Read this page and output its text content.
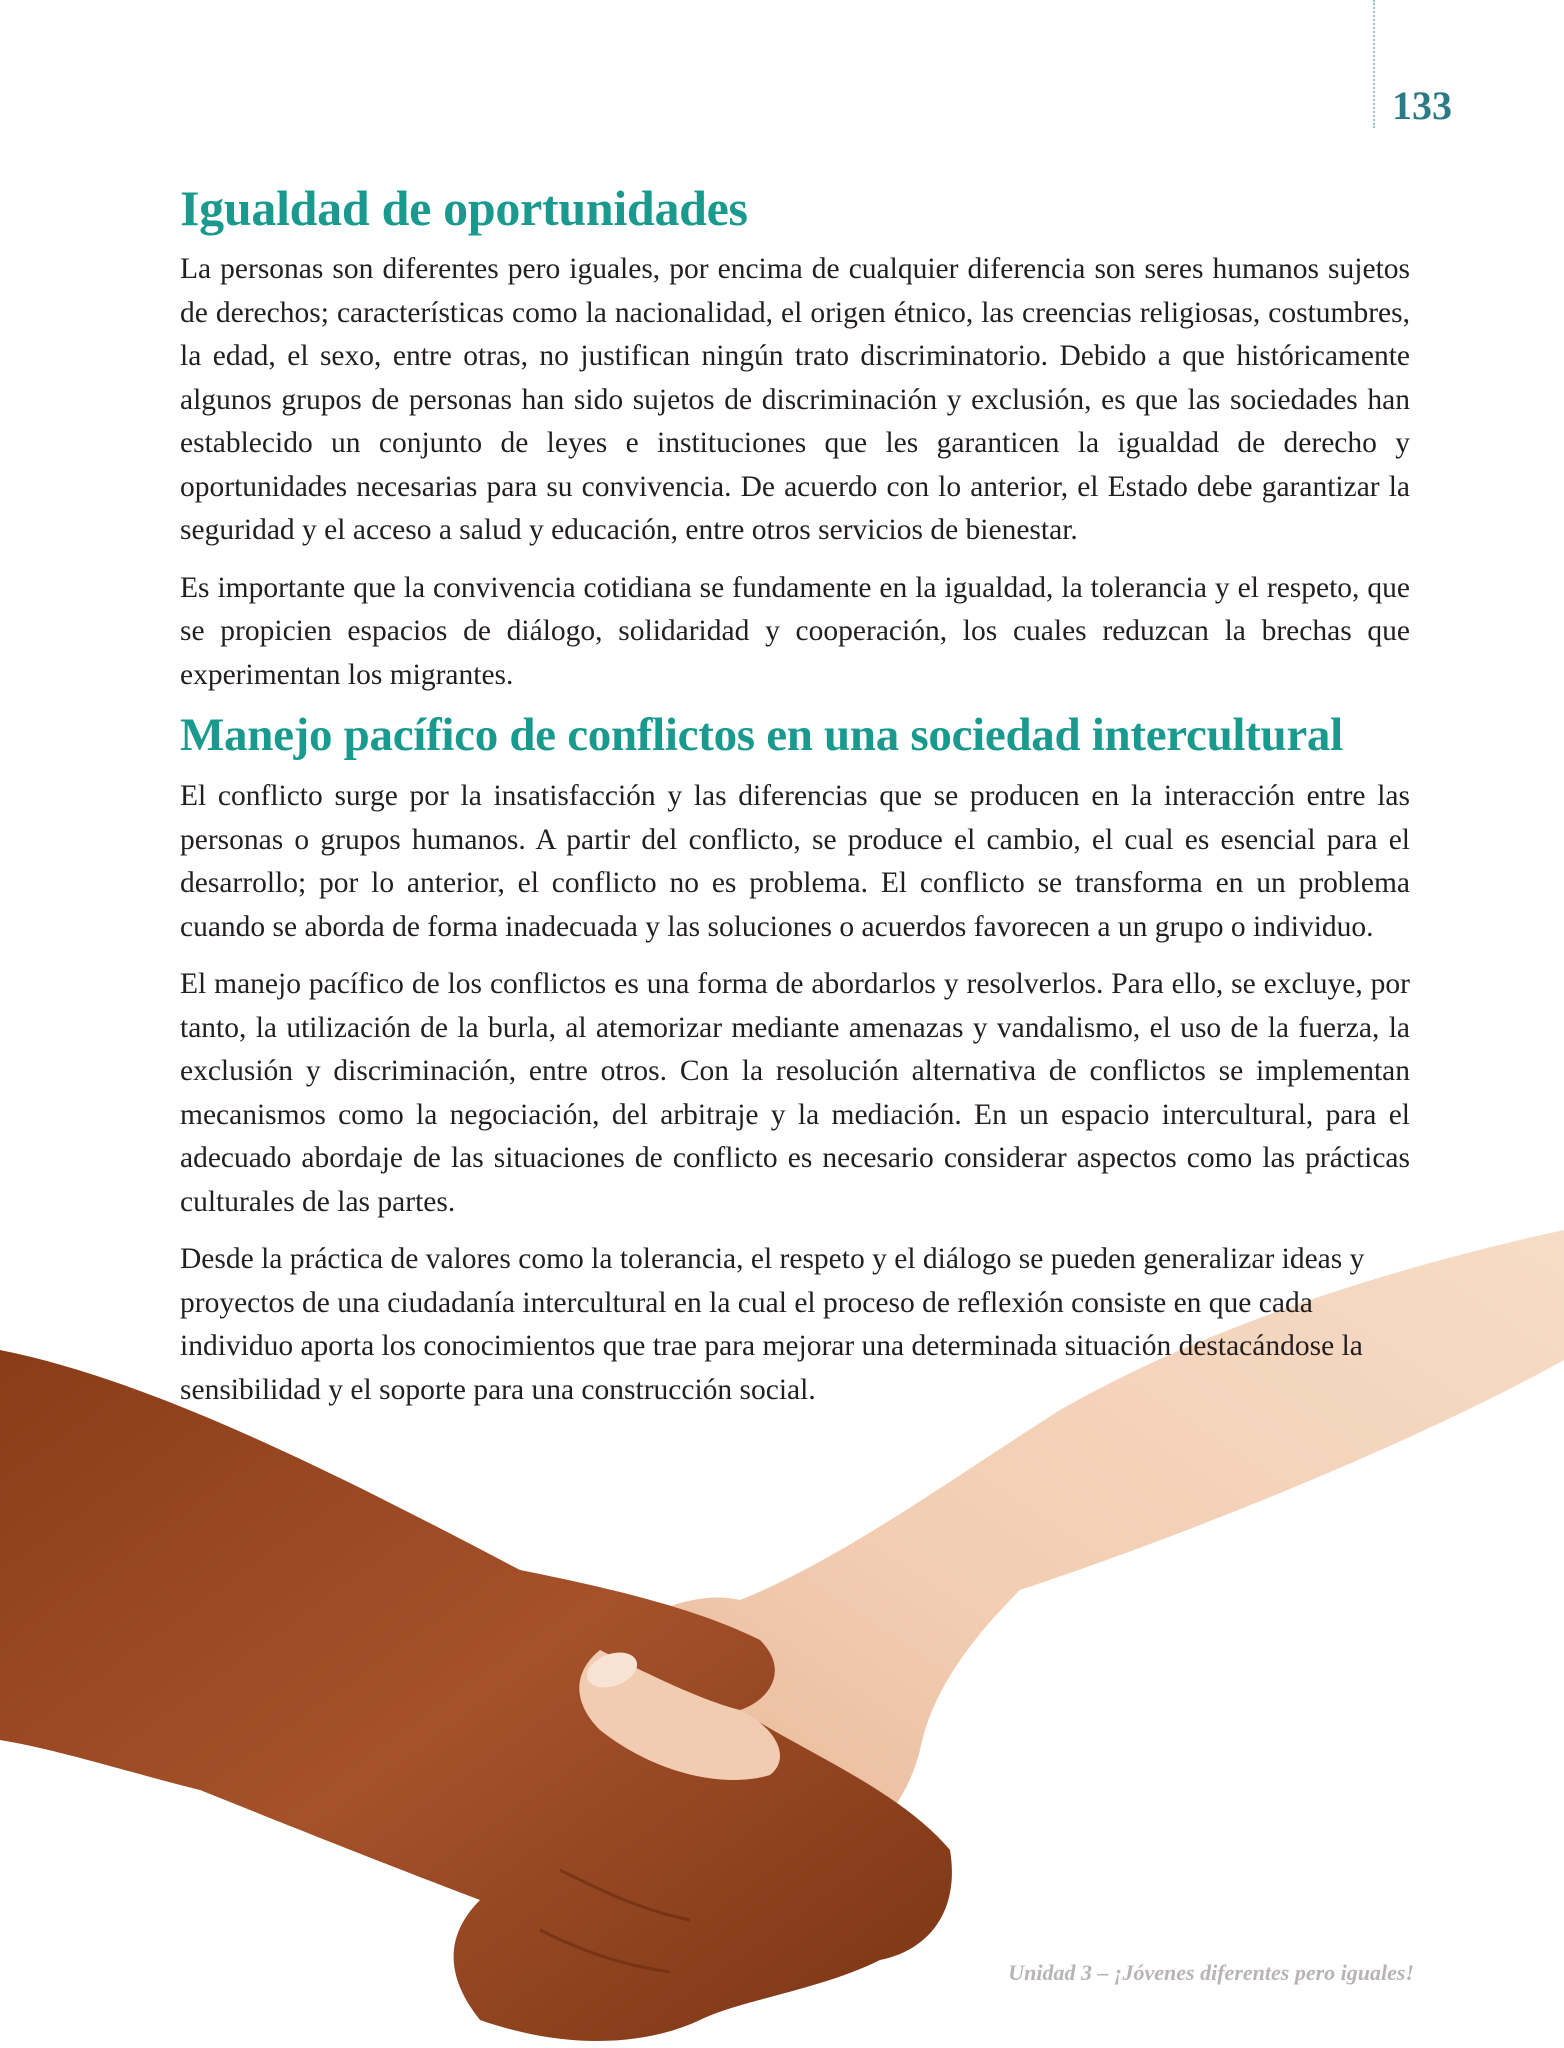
133
Igualdad de oportunidades

La personas son diferentes pero iguales, por encima de cualquier diferencia son seres humanos sujetos de derechos; características como la nacionalidad, el origen étnico, las creencias religiosas, costumbres, la edad, el sexo, entre otras, no justifican ningún trato discriminatorio. Debido a que históricamente algunos grupos de personas han sido sujetos de discriminación y exclusión, es que las sociedades han establecido un conjunto de leyes e instituciones que les garanticen la igualdad de derecho y oportunidades necesarias para su convivencia. De acuerdo con lo anterior, el Estado debe garantizar la seguridad y el acceso a salud y educación, entre otros servicios de bienestar.

Es importante que la convivencia cotidiana se fundamente en la igualdad, la tolerancia y el respeto, que se propicien espacios de diálogo, solidaridad y cooperación, los cuales reduzcan la brechas que experimentan los migrantes.

Manejo pacífico de conflictos en una sociedad intercultural

El conflicto surge por la insatisfacción y las diferencias que se producen en la interacción entre las personas o grupos humanos. A partir del conflicto, se produce el cambio, el cual es esencial para el desarrollo; por lo anterior, el conflicto no es problema. El conflicto se transforma en un problema cuando se aborda de forma inadecuada y las soluciones o acuerdos favorecen a un grupo o individuo.

El manejo pacífico de los conflictos es una forma de abordarlos y resolverlos. Para ello, se excluye, por tanto, la utilización de la burla, al atemorizar mediante amenazas y vandalismo, el uso de la fuerza, la exclusión y discriminación, entre otros. Con la resolución alternativa de conflictos se implementan mecanismos como la negociación, del arbitraje y la mediación. En un espacio intercultural, para el adecuado abordaje de las situaciones de conflicto es necesario considerar aspectos como las prácticas culturales de las partes.

Desde la práctica de valores como la tolerancia, el respeto y el diálogo se pueden generalizar ideas y proyectos de una ciudadanía intercultural en la cual el proceso de reflexión consiste en que cada individuo aporta los conocimientos que trae para mejorar una determinada situación destacándose la sensibilidad y el soporte para una construcción social.

Unidad 3 – ¡Jóvenes diferentes pero iguales!
